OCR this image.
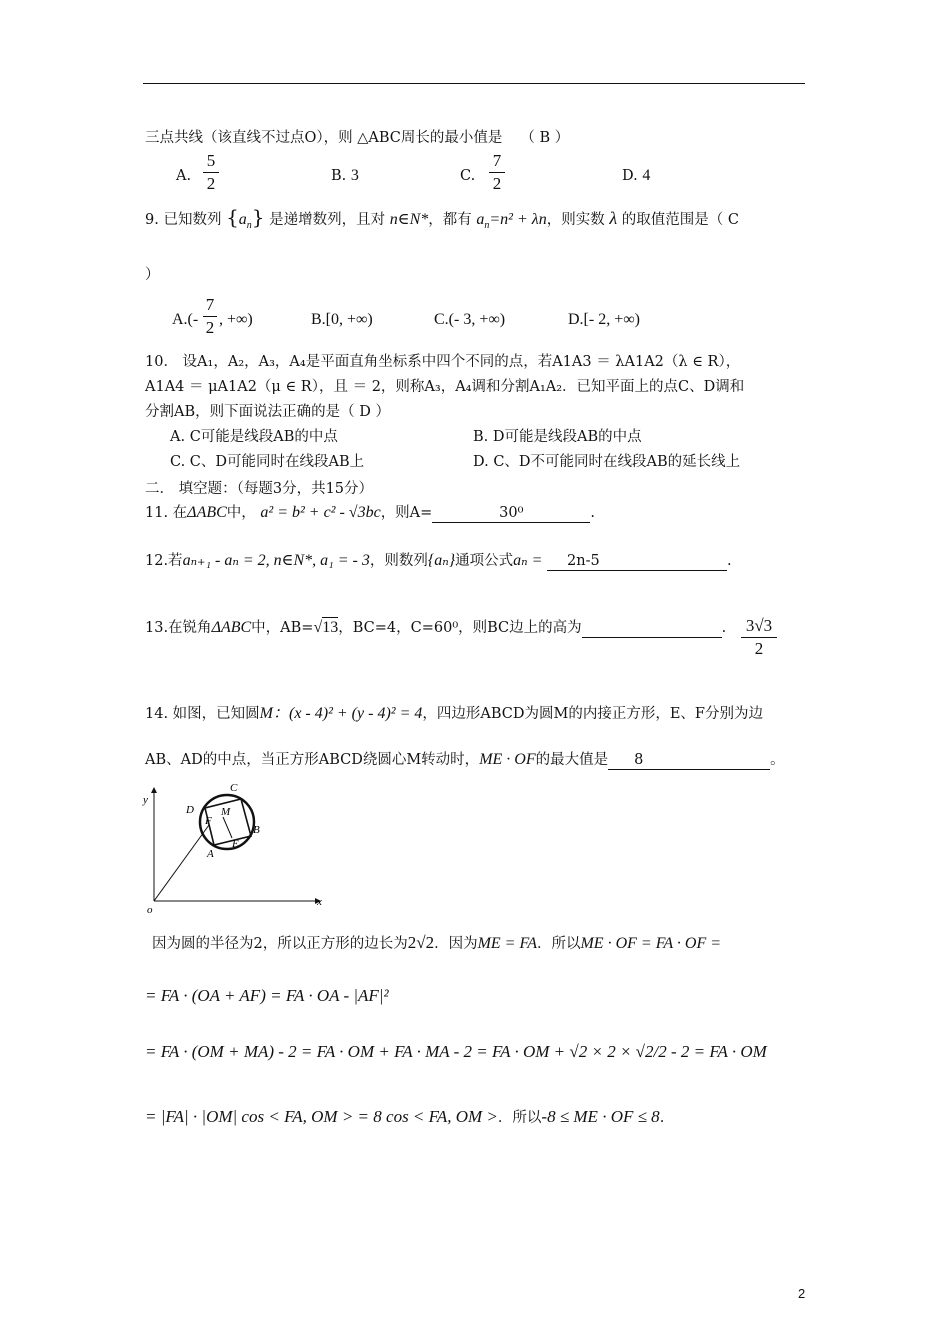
三点共线（该直线不过点O），则 △ABC周长的最小值是 （ B ）
A.
5
2	B. 3	C.
7
2	D. 4
9. 已知数列 $\{a_n\}$ 是递增数列，且对 n∈N*，都有 $a_n=n^2 + \lambda n$，则实数 λ 的取值范围是（ C
）
A.(-
7
2 , +∞)	B.[0, +∞)	C.(- 3, +∞)	D.[- 2, +∞)
10． 设A₁，A₂，A₃，A₄是平面直角坐标系中四个不同的点，若A1A3 ＝ λA1A2（λ ∈ R），
A1A4 ＝ μA1A2（μ ∈ R），且 ＝ 2，则称A₃，A₄调和分割A₁A₂．已知平面上的点C、D调和
分割AB，则下面说法正确的是（ D ）
A. C可能是线段AB的中点	B. D可能是线段AB的中点
C. C、D可能同时在线段AB上	D. C、D不可能同时在线段AB的延长线上
二． 填空题：（每题3分，共15分）
11. 在ΔABC中， a² = b² + c² - √3bc，则A=	30⁰	.
12.若aₙ₊₁ - aₙ = 2, n∈N*, a₁ = - 3，则数列{aₙ}通项公式aₙ = 2n-5	.
13.在锐角ΔABC中，AB=√13，BC=4，C=60⁰，则BC边上的高为	. 3√3
2
14. 如图，已知圆M：(x - 4)² + (y - 4)² = 4，四边形ABCD为圆M的内接正方形，E、F分别为边
AB、AD的中点，当正方形ABCD绕圆心M转动时，ME · OF的最大值是 8	。
y
x
o
C
B
D
A
E
F
M
因为圆的半径为2，所以正方形的边长为2√2．因为ME = FA．所以ME · OF = FA · OF =
= FA · (OA + AF) = FA · OA - |AF|²
= FA · (OM + MA) - 2 = FA · OM + FA · MA - 2 = FA · OM + √2 × 2 × √2/2 - 2 = FA · OM
= |FA| · |OM| cos < FA, OM > = 8 cos < FA, OM >．所以-8 ≤ ME · OF ≤ 8.
2
